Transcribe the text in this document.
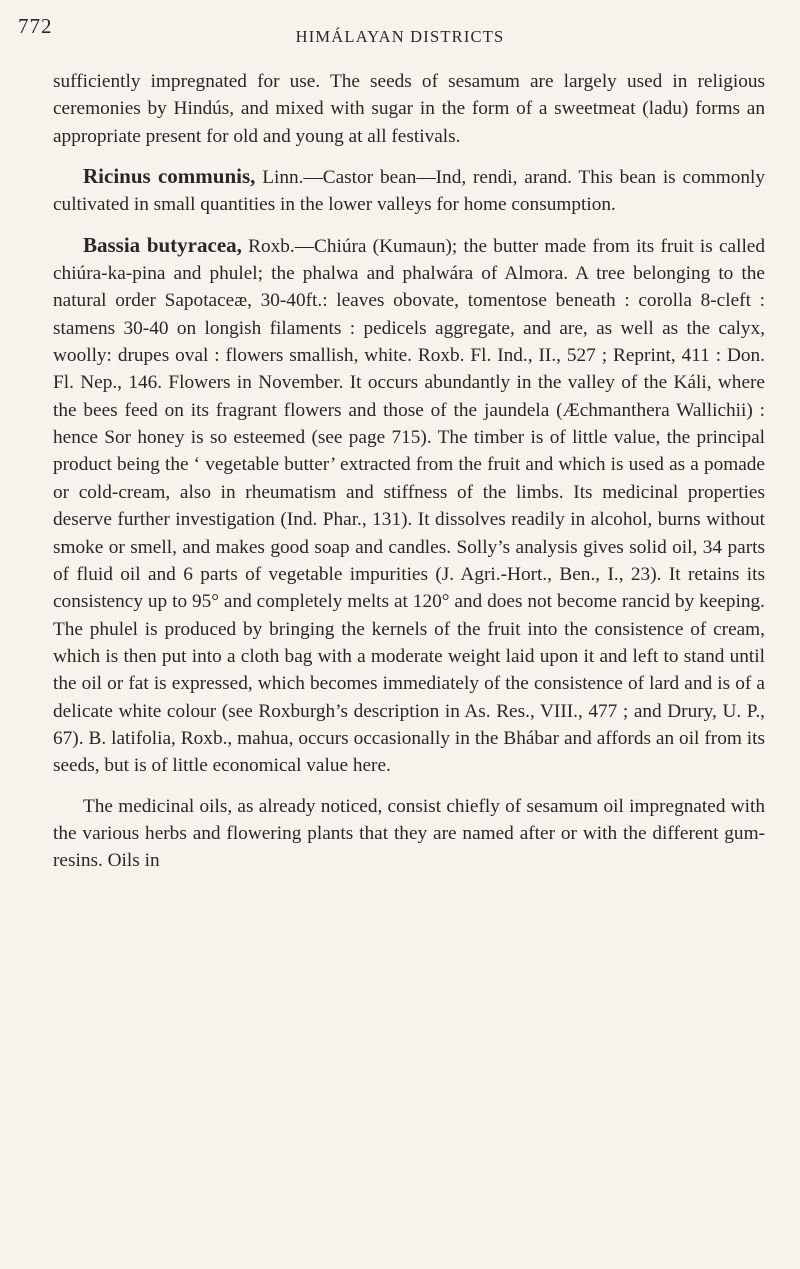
772	HIMÁLAYAN DISTRICTS

sufficiently impregnated for use. The seeds of sesamum are largely used in religious ceremonies by Hindús, and mixed with sugar in the form of a sweetmeat (ladu) forms an appropriate present for old and young at all festivals.

Ricinus communis, Linn.—Castor bean—Ind, rendi, arand. This bean is commonly cultivated in small quantities in the lower valleys for home consumption.

Bassia butyracea, Roxb.—Chiúra (Kumaun); the butter made from its fruit is called chiúra-ka-pina and phulel; the phalwa and phalwára of Almora. A tree belonging to the natural order Sapotaceæ, 30-40ft.: leaves obovate, tomentose beneath : corolla 8-cleft : stamens 30-40 on longish filaments : pedicels aggregate, and are, as well as the calyx, woolly: drupes oval : flowers smallish, white. Roxb. Fl. Ind., II., 527 ; Reprint, 411 : Don. Fl. Nep., 146. Flowers in November. It occurs abundantly in the valley of the Káli, where the bees feed on its fragrant flowers and those of the jaundela (Æchmanthera Wallichii) : hence Sor honey is so esteemed (see page 715). The timber is of little value, the principal product being the ‘ vegetable butter’ extracted from the fruit and which is used as a pomade or cold-cream, also in rheumatism and stiffness of the limbs. Its medicinal properties deserve further investigation (Ind. Phar., 131). It dissolves readily in alcohol, burns without smoke or smell, and makes good soap and candles. Solly’s analysis gives solid oil, 34 parts of fluid oil and 6 parts of vegetable impurities (J. Agri.-Hort., Ben., I., 23). It retains its consistency up to 95° and completely melts at 120° and does not become rancid by keeping. The phulel is produced by bringing the kernels of the fruit into the consistence of cream, which is then put into a cloth bag with a moderate weight laid upon it and left to stand until the oil or fat is expressed, which becomes immediately of the consistence of lard and is of a delicate white colour (see Roxburgh’s description in As. Res., VIII., 477 ; and Drury, U. P., 67). B. latifolia, Roxb., mahua, occurs occasionally in the Bhábar and affords an oil from its seeds, but is of little economical value here.

The medicinal oils, as already noticed, consist chiefly of sesamum oil impregnated with the various herbs and flowering plants that they are named after or with the different gum-resins. Oils in
